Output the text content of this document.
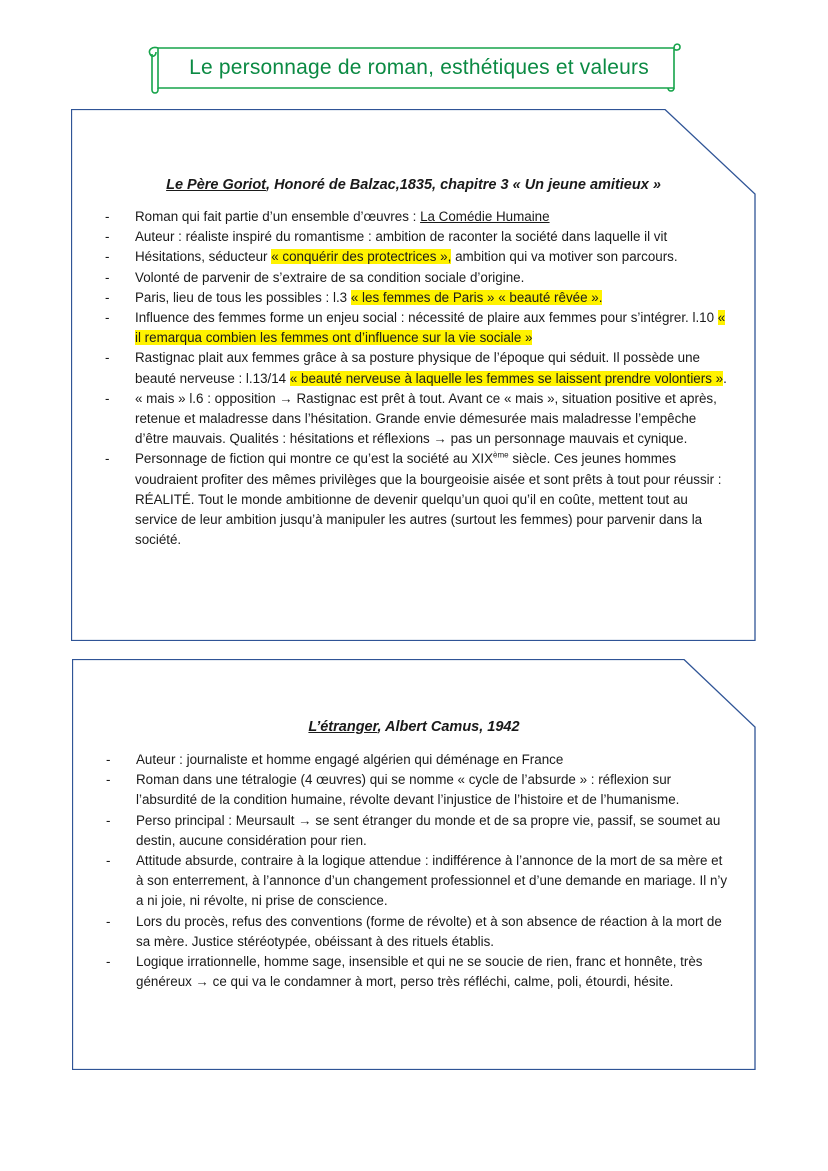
Le personnage de roman, esthétiques et valeurs
Le Père Goriot, Honoré de Balzac,1835, chapitre 3 « Un jeune amitieux »
- Roman qui fait partie d’un ensemble d’œuvres : La Comédie Humaine
- Auteur : réaliste inspiré du romantisme : ambition de raconter la société dans laquelle il vit
- Hésitations, séducteur « conquérir des protectrices », ambition qui va motiver son parcours.
- Volonté de parvenir de s’extraire de sa condition sociale d’origine.
- Paris, lieu de tous les possibles : l.3 « les femmes de Paris » « beauté rêvée ».
- Influence des femmes forme un enjeu social : nécessité de plaire aux femmes pour s’intégrer. l.10 « il remarqua combien les femmes ont d’influence sur la vie sociale »
- Rastignac plait aux femmes grâce à sa posture physique de l’époque qui séduit. Il possède une beauté nerveuse : l.13/14 « beauté nerveuse à laquelle les femmes se laissent prendre volontiers ».
- « mais » l.6 : opposition → Rastignac est prêt à tout. Avant ce « mais », situation positive et après, retenue et maladresse dans l’hésitation. Grande envie démesurée mais maladresse l’empêche d’être mauvais. Qualités : hésitations et réflexions → pas un personnage mauvais et cynique.
- Personnage de fiction qui montre ce qu’est la société au XIXème siècle. Ces jeunes hommes voudraient profiter des mêmes privilèges que la bourgeoisie aisée et sont prêts à tout pour réussir : RÉALITÉ. Tout le monde ambitionne de devenir quelqu’un quoi qu’il en coûte, mettent tout au service de leur ambition jusqu’à manipuler les autres (surtout les femmes) pour parvenir dans la société.
L’étranger, Albert Camus, 1942
- Auteur : journaliste et homme engagé algérien qui déménage en France
- Roman dans une tétralogie (4 œuvres) qui se nomme « cycle de l’absurde » : réflexion sur l’absurdité de la condition humaine, révolte devant l’injustice de l’histoire et de l’humanisme.
- Perso principal : Meursault → se sent étranger du monde et de sa propre vie, passif, se soumet au destin, aucune considération pour rien.
- Attitude absurde, contraire à la logique attendue : indifférence à l’annonce de la mort de sa mère et à son enterrement, à l’annonce d’un changement professionnel et d’une demande en mariage. Il n’y a ni joie, ni révolte, ni prise de conscience.
- Lors du procès, refus des conventions (forme de révolte) et à son absence de réaction à la mort de sa mère. Justice stéréotypée, obéissant à des rituels établis.
- Logique irrationnelle, homme sage, insensible et qui ne se soucie de rien, franc et honnête, très généreux → ce qui va le condamner à mort, perso très réfléchi, calme, poli, étourdi, hésite.
